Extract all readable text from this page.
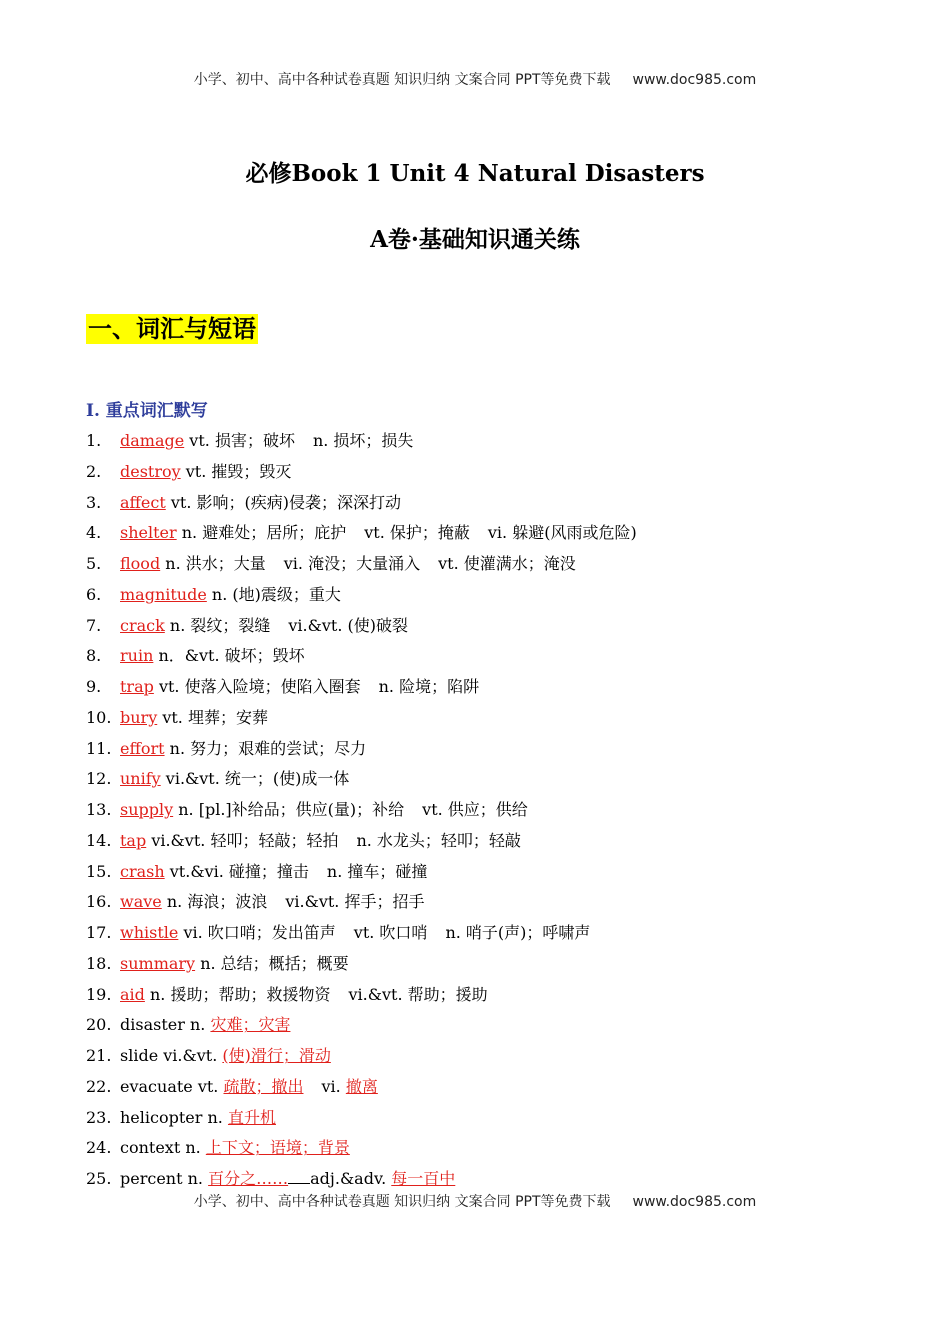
小学、初中、高中各种试卷真题 知识归纳 文案合同 PPT等免费下载 www.doc985.com
必修Book 1 Unit 4 Natural Disasters
A卷·基础知识通关练
一、词汇与短语
I. 重点词汇默写
1. damage vt. 损害；破坏 n. 损坏；损失
2. destroy vt. 摧毁；毁灭
3. affect vt. 影响；(疾病)侵袭；深深打动
4. shelter n. 避难处；居所；庇护 vt. 保护；掩蔽 vi. 躲避(风雨或危险)
5. flood n. 洪水；大量 vi. 淹没；大量涌入 vt. 使灌满水；淹没
6. magnitude n. (地)震级；重大
7. crack n. 裂纹；裂缝 vi.&vt. (使)破裂
8. ruin n．&vt. 破坏；毁坏
9. trap vt. 使落入险境；使陷入圈套 n. 险境；陷阱
10. bury vt. 埋葬；安葬
11. effort n. 努力；艰难的尝试；尽力
12. unify vi.&vt. 统一；(使)成一体
13. supply n. [pl.]补给品；供应(量)；补给 vt. 供应；供给
14. tap vi.&vt. 轻叩；轻敲；轻拍 n. 水龙头；轻叩；轻敲
15. crash vt.&vi. 碰撞；撞击 n. 撞车；碰撞
16. wave n. 海浪；波浪 vi.&vt. 挥手；招手
17. whistle vi. 吹口哨；发出笛声 vt. 吹口哨 n. 哨子(声)；呼啸声
18. summary n. 总结；概括；概要
19. aid n. 援助；帮助；救援物资 vi.&vt. 帮助；援助
20. disaster n. 灾难；灾害
21. slide vi.&vt. (使)滑行；滑动
22. evacuate vt. 疏散；撤出 vi. 撤离
23. helicopter n. 直升机
24. context n. 上下文；语境；背景
25. percent n. 百分之…… adj.&adv. 每一百中
小学、初中、高中各种试卷真题 知识归纳 文案合同 PPT等免费下载 www.doc985.com
